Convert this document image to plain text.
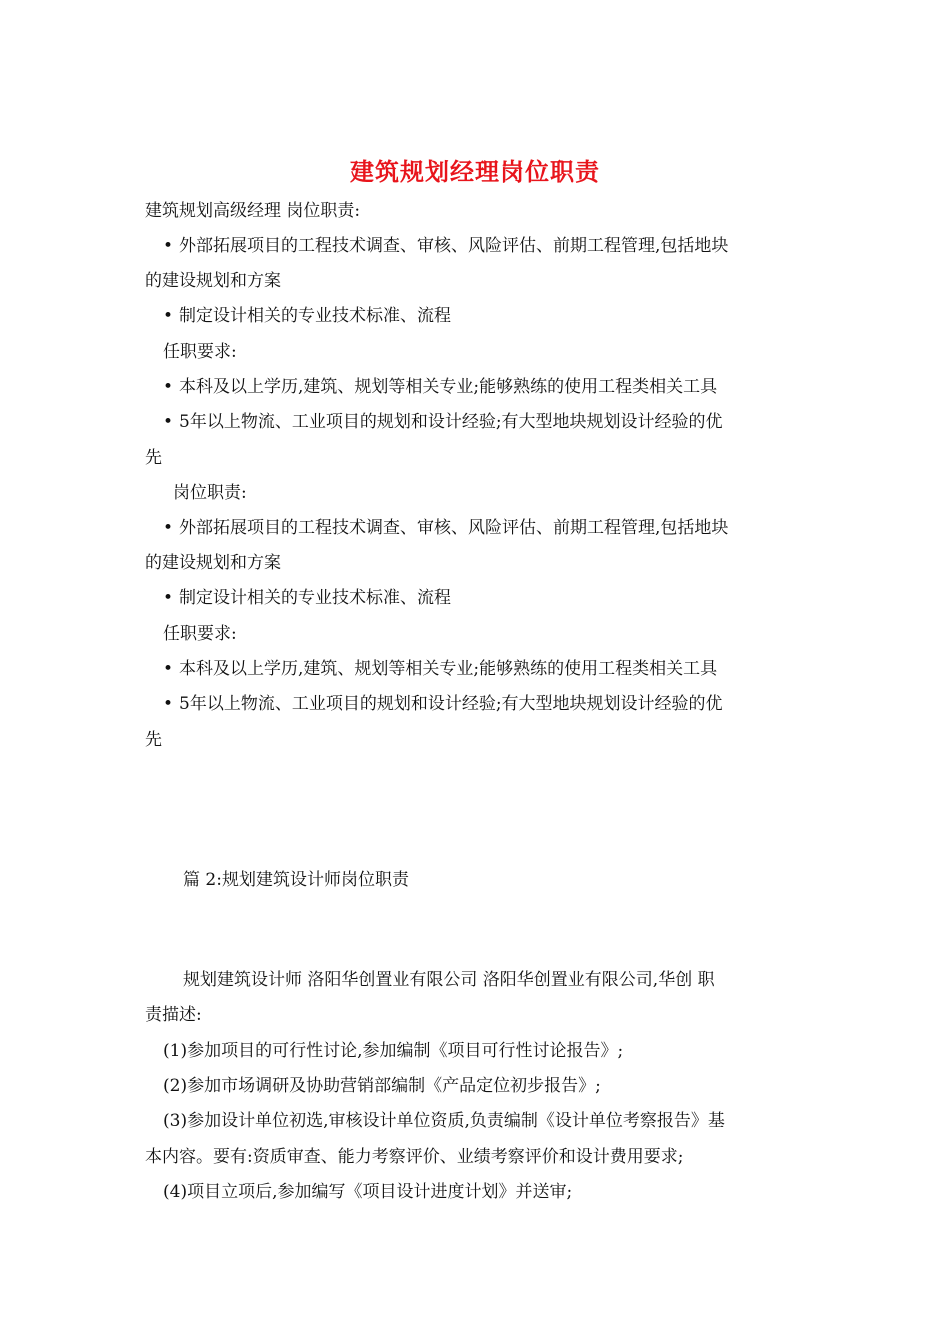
建筑规划经理岗位职责
建筑规划高级经理 岗位职责:
• 外部拓展项目的工程技术调查、审核、风险评估、前期工程管理,包括地块
的建设规划和方案
• 制定设计相关的专业技术标准、流程
任职要求:
• 本科及以上学历,建筑、规划等相关专业;能够熟练的使用工程类相关工具
• 5年以上物流、工业项目的规划和设计经验;有大型地块规划设计经验的优
先
岗位职责:
• 外部拓展项目的工程技术调查、审核、风险评估、前期工程管理,包括地块
的建设规划和方案
• 制定设计相关的专业技术标准、流程
任职要求:
• 本科及以上学历,建筑、规划等相关专业;能够熟练的使用工程类相关工具
• 5年以上物流、工业项目的规划和设计经验;有大型地块规划设计经验的优
先
篇 2:规划建筑设计师岗位职责
规划建筑设计师 洛阳华创置业有限公司 洛阳华创置业有限公司,华创 职
责描述:
(1)参加项目的可行性讨论,参加编制《项目可行性讨论报告》;
(2)参加市场调研及协助营销部编制《产品定位初步报告》;
(3)参加设计单位初选,审核设计单位资质,负责编制《设计单位考察报告》基
本内容。要有:资质审查、能力考察评价、业绩考察评价和设计费用要求;
(4)项目立项后,参加编写《项目设计进度计划》并送审;
